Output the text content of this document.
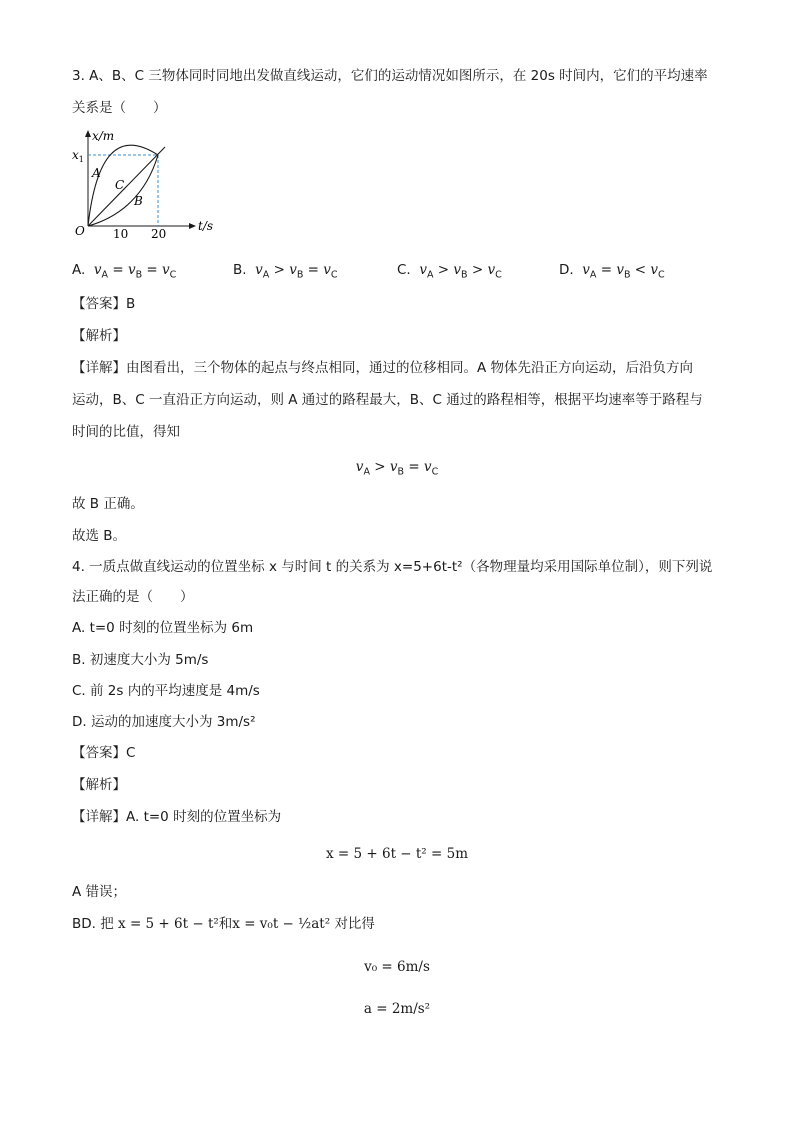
3. A、B、C 三物体同时同地出发做直线运动，它们的运动情况如图所示，在 20s 时间内，它们的平均速率
关系是（　　）
x/m
t/s
O
$x_1$
10 20
A
C
B
A. $v_A = v_B = v_C$	B. $v_A > v_B = v_C$	C. $v_A > v_B > v_C$	D. $v_A = v_B < v_C$
【答案】B
【解析】
【详解】由图看出，三个物体的起点与终点相同，通过的位移相同。A 物体先沿正方向运动，后沿负方向
运动，B、C 一直沿正方向运动，则 A 通过的路程最大，B、C 通过的路程相等，根据平均速率等于路程与
时间的比值，得知
$v_A > v_B = v_C$
故 B 正确。
故选 B。
4. 一质点做直线运动的位置坐标 x 与时间 t 的关系为 x=5+6t-t²（各物理量均采用国际单位制），则下列说
法正确的是（　　）
A. t=0 时刻的位置坐标为 6m
B. 初速度大小为 5m/s
C. 前 2s 内的平均速度是 4m/s
D. 运动的加速度大小为 3m/s²
【答案】C
【解析】
【详解】A. t=0 时刻的位置坐标为
x = 5 + 6t − t² = 5m
A 错误；
BD. 把 x = 5 + 6t − t²和x = v₀t − ½at² 对比得
v₀ = 6m/s
a = 2m/s²
